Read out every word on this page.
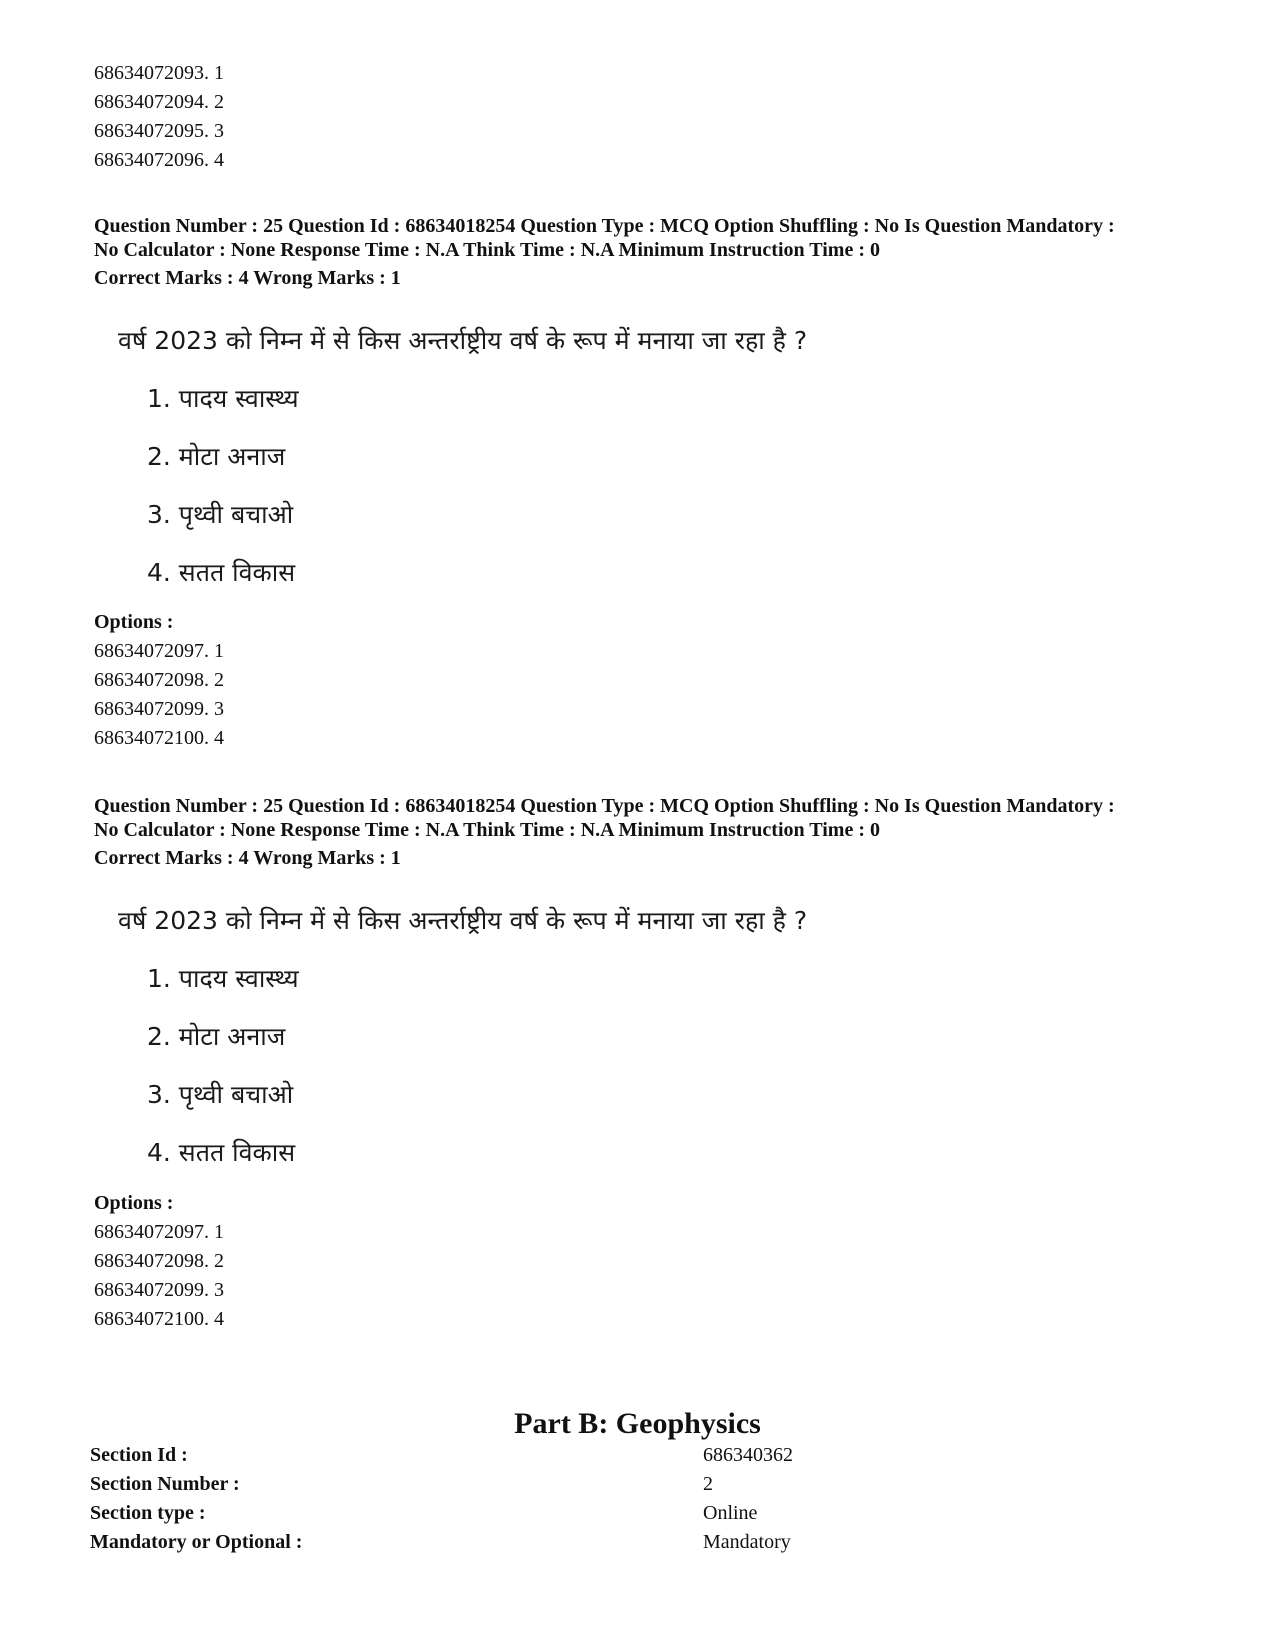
68634072093. 1
68634072094. 2
68634072095. 3
68634072096. 4
Question Number : 25 Question Id : 68634018254 Question Type : MCQ Option Shuffling : No Is Question Mandatory :
No Calculator : None Response Time : N.A Think Time : N.A Minimum Instruction Time : 0
Correct Marks : 4 Wrong Marks : 1
वर्ष 2023 को निम्न में से किस अन्तर्राष्ट्रीय वर्ष के रूप में मनाया जा रहा है ?
1. पादय स्वास्थ्य
2. मोटा अनाज
3. पृथ्वी बचाओ
4. सतत विकास
Options :
68634072097. 1
68634072098. 2
68634072099. 3
68634072100. 4
Question Number : 25 Question Id : 68634018254 Question Type : MCQ Option Shuffling : No Is Question Mandatory :
No Calculator : None Response Time : N.A Think Time : N.A Minimum Instruction Time : 0
Correct Marks : 4 Wrong Marks : 1
वर्ष 2023 को निम्न में से किस अन्तर्राष्ट्रीय वर्ष के रूप में मनाया जा रहा है ?
1. पादय स्वास्थ्य
2. मोटा अनाज
3. पृथ्वी बचाओ
4. सतत विकास
Options :
68634072097. 1
68634072098. 2
68634072099. 3
68634072100. 4
Part B: Geophysics
Section Id :	686340362
Section Number :	2
Section type :	Online
Mandatory or Optional :	Mandatory
